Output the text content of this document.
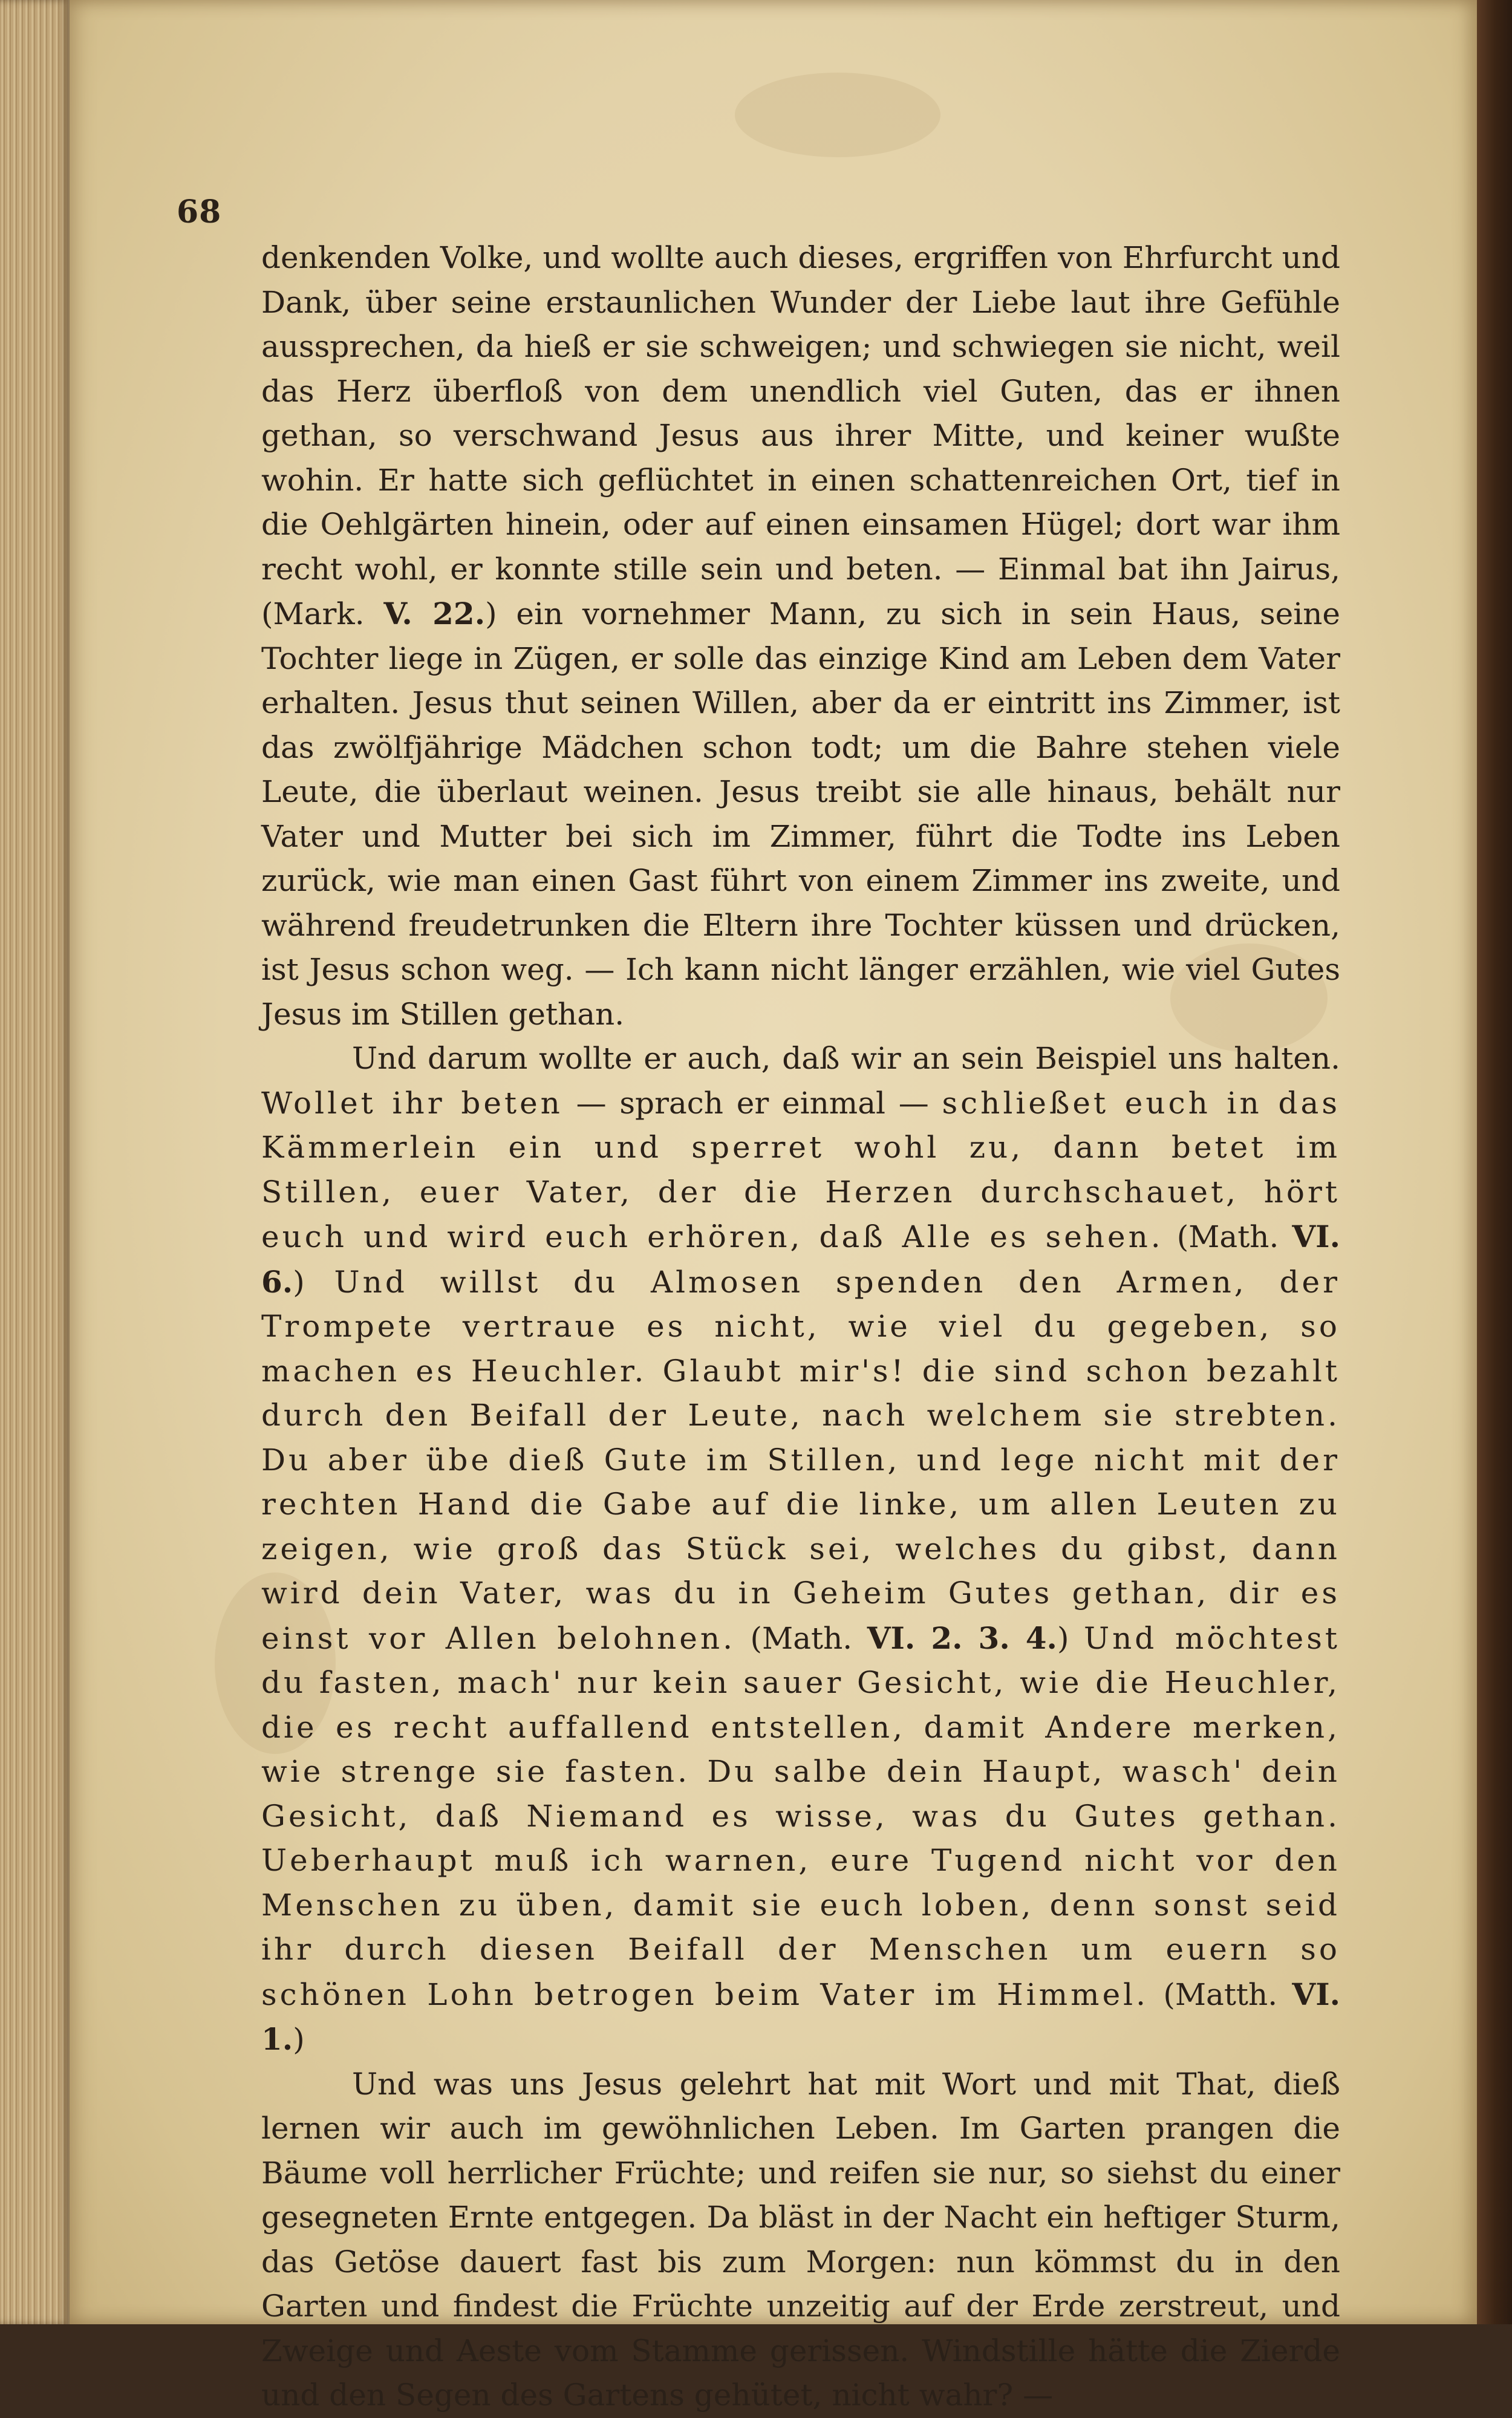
68

denkenden Volke, und wollte auch dieses, ergriffen von Ehrfurcht und Dank, über seine erstaunlichen Wunder der Liebe laut ihre Gefühle aussprechen, da hieß er sie schweigen; und schwiegen sie nicht, weil das Herz überfloß von dem unendlich viel Guten, das er ihnen gethan, so verschwand Jesus aus ihrer Mitte, und keiner wußte wohin. Er hatte sich geflüchtet in einen schattenreichen Ort, tief in die Oehlgärten hinein, oder auf einen einsamen Hügel; dort war ihm recht wohl, er konnte stille sein und beten. — Einmal bat ihn Jairus, (Mark. V. 22.) ein vornehmer Mann, zu sich in sein Haus, seine Tochter liege in Zügen, er solle das einzige Kind am Leben dem Vater erhalten. Jesus thut seinen Willen, aber da er eintritt ins Zimmer, ist das zwölfjährige Mädchen schon todt; um die Bahre stehen viele Leute, die überlaut weinen. Jesus treibt sie alle hinaus, behält nur Vater und Mutter bei sich im Zimmer, führt die Todte ins Leben zurück, wie man einen Gast führt von einem Zimmer ins zweite, und während freudetrunken die Eltern ihre Tochter küssen und drücken, ist Jesus schon weg. — Ich kann nicht länger erzählen, wie viel Gutes Jesus im Stillen gethan.

Und darum wollte er auch, daß wir an sein Beispiel uns halten. Wollet ihr beten — sprach er einmal — schließet euch in das Kämmerlein ein und sperret wohl zu, dann betet im Stillen, euer Vater, der die Herzen durchschauet, hört euch und wird euch erhören, daß Alle es sehen. (Math. VI. 6.) Und willst du Almosen spenden den Armen, der Trompete vertraue es nicht, wie viel du gegeben, so machen es Heuchler. Glaubt mir's! die sind schon bezahlt durch den Beifall der Leute, nach welchem sie strebten. Du aber übe dieß Gute im Stillen, und lege nicht mit der rechten Hand die Gabe auf die linke, um allen Leuten zu zeigen, wie groß das Stück sei, welches du gibst, dann wird dein Vater, was du in Geheim Gutes gethan, dir es einst vor Allen belohnen. (Math. VI. 2. 3. 4.) Und möchtest du fasten, mach' nur kein sauer Gesicht, wie die Heuchler, die es recht auffallend entstellen, damit Andere merken, wie strenge sie fasten. Du salbe dein Haupt, wasch' dein Gesicht, daß Niemand es wisse, was du Gutes gethan. Ueberhaupt muß ich warnen, eure Tugend nicht vor den Menschen zu üben, damit sie euch loben, denn sonst seid ihr durch diesen Beifall der Menschen um euern so schönen Lohn betrogen beim Vater im Himmel. (Matth. VI. 1.)

Und was uns Jesus gelehrt hat mit Wort und mit That, dieß lernen wir auch im gewöhnlichen Leben. Im Garten prangen die Bäume voll herrlicher Früchte; und reifen sie nur, so siehst du einer gesegneten Ernte entgegen. Da bläst in der Nacht ein heftiger Sturm, das Getöse dauert fast bis zum Morgen: nun kömmst du in den Garten und findest die Früchte unzeitig auf der Erde zerstreut, und Zweige und Aeste vom Stamme gerissen. Windstille hätte die Zierde und den Segen des Gartens gehütet, nicht wahr? —
